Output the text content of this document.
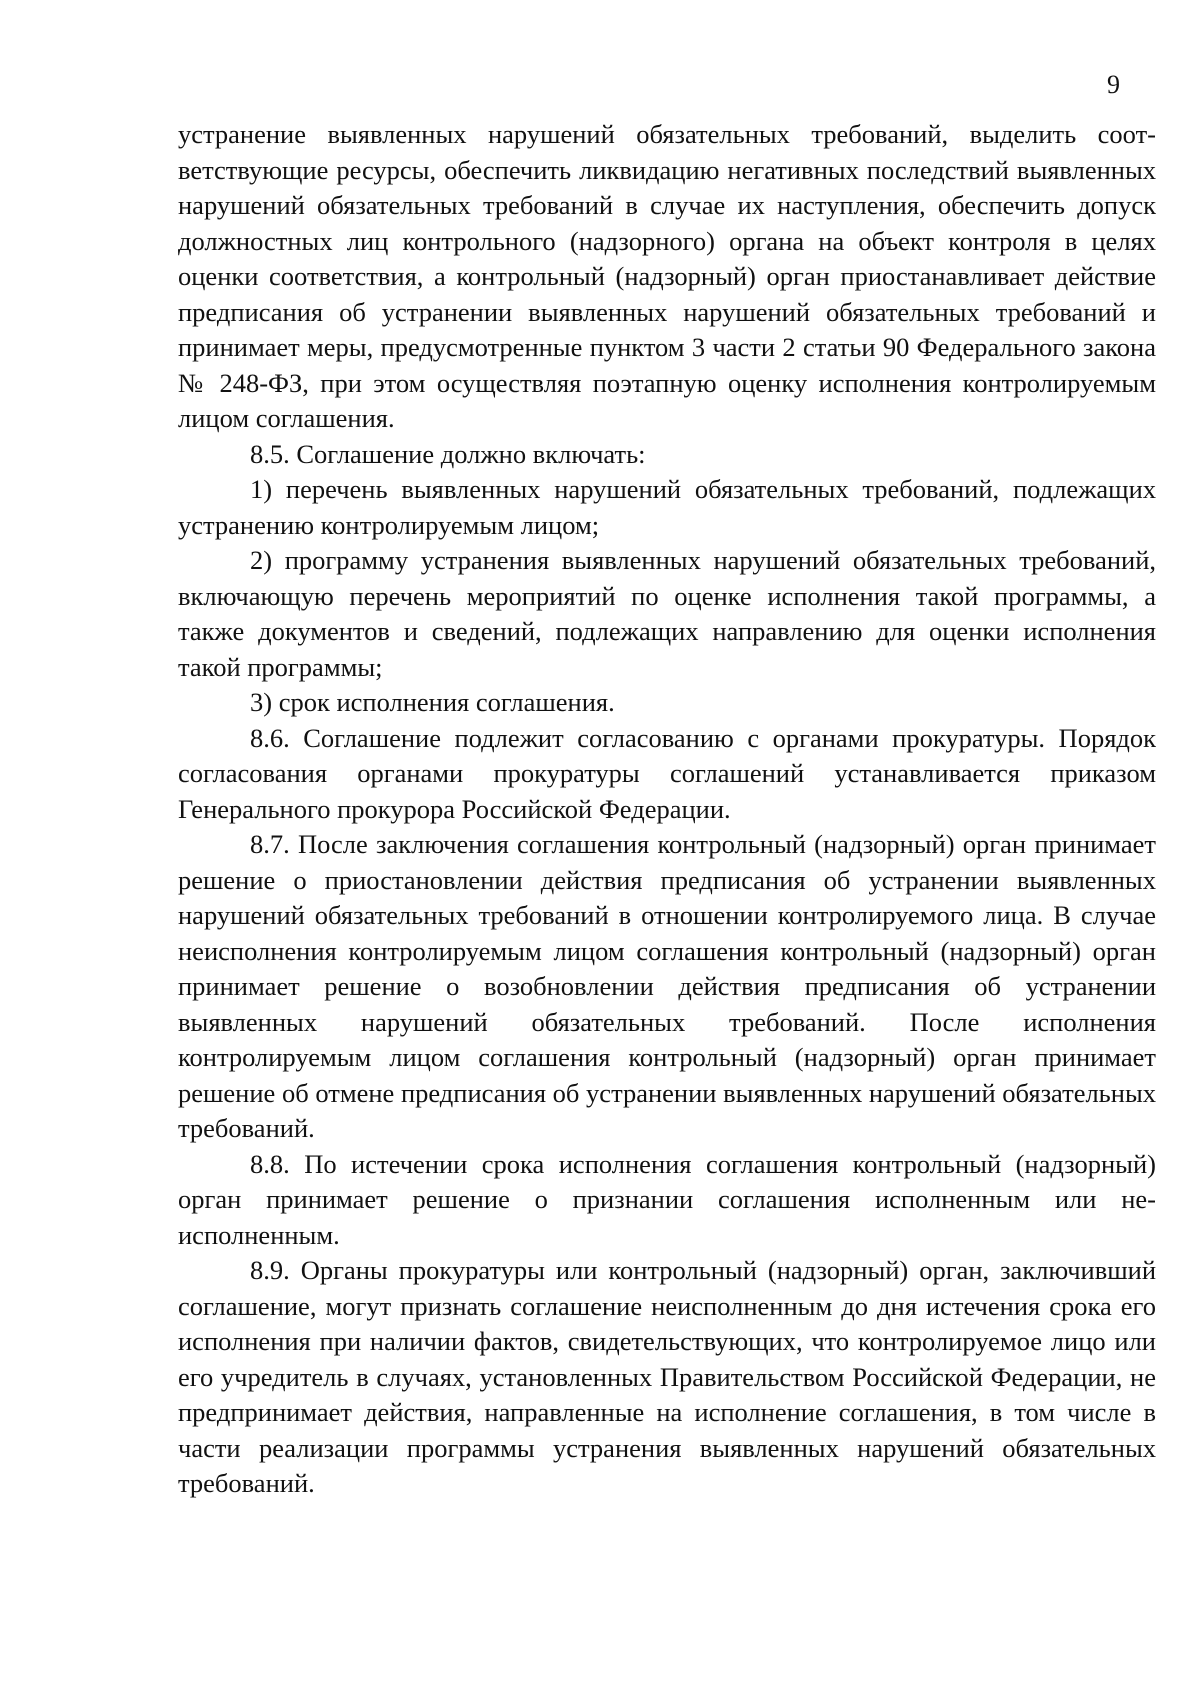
9

устранение выявленных нарушений обязательных требований, выделить соответствующие ресурсы, обеспечить ликвидацию негативных последствий выявленных нарушений обязательных требований в случае их наступления, обеспечить допуск должностных лиц контрольного (надзорного) органа на объект контроля в целях оценки соответствия, а контрольный (надзорный) орган приостанавливает действие предписания об устранении выявленных нарушений обязательных требований и принимает меры, предусмотренные пунктом 3 части 2 статьи 90 Федерального закона № 248-ФЗ, при этом осуществляя поэтапную оценку исполнения контролируемым лицом соглашения.

8.5. Соглашение должно включать:

1) перечень выявленных нарушений обязательных требований, подлежащих устранению контролируемым лицом;

2) программу устранения выявленных нарушений обязательных требований, включающую перечень мероприятий по оценке исполнения такой программы, а также документов и сведений, подлежащих направлению для оценки исполнения такой программы;

3) срок исполнения соглашения.

8.6. Соглашение подлежит согласованию с органами прокуратуры. Порядок согласования органами прокуратуры соглашений устанавливается приказом Генерального прокурора Российской Федерации.

8.7. После заключения соглашения контрольный (надзорный) орган принимает решение о приостановлении действия предписания об устранении выявленных нарушений обязательных требований в отношении контролируемого лица. В случае неисполнения контролируемым лицом соглашения контрольный (надзорный) орган принимает решение о возобновлении действия предписания об устранении выявленных нарушений обязательных требований. После исполнения контролируемым лицом соглашения контрольный (надзорный) орган принимает решение об отмене предписания об устранении выявленных нарушений обязательных требований.

8.8. По истечении срока исполнения соглашения контрольный (надзорный) орган принимает решение о признании соглашения исполненным или неисполненным.

8.9. Органы прокуратуры или контрольный (надзорный) орган, заключивший соглашение, могут признать соглашение неисполненным до дня истечения срока его исполнения при наличии фактов, свидетельствующих, что контролируемое лицо или его учредитель в случаях, установленных Правительством Российской Федерации, не предпринимает действия, направленные на исполнение соглашения, в том числе в части реализации программы устранения выявленных нарушений обязательных требований.
